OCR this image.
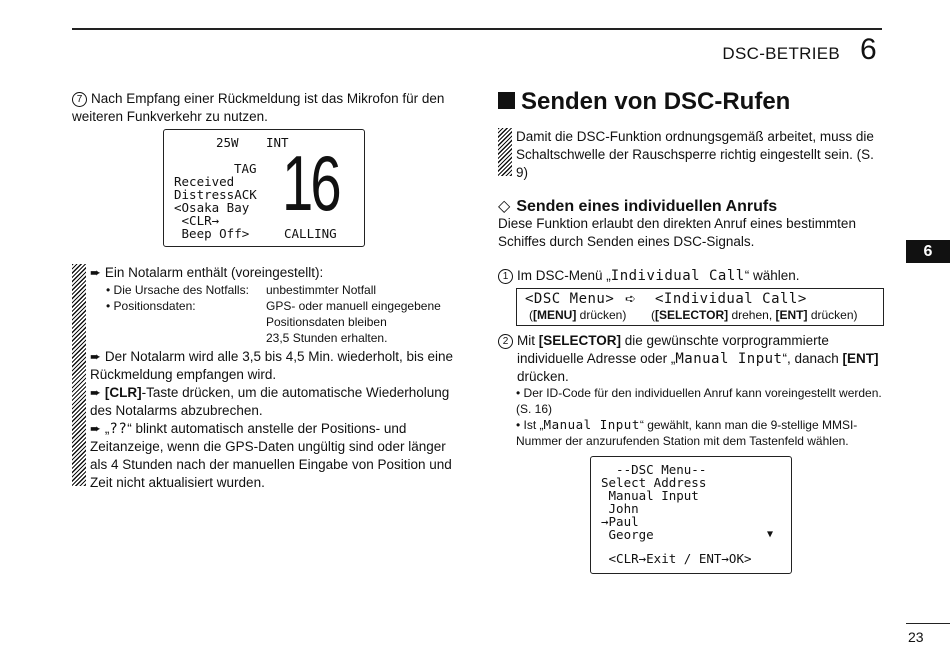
DSC-BETRIEB 6
6
7 Nach Empfang einer Rückmeldung ist das Mikrofon für den weiteren Funkverkehr zu nutzen.
25W INT
TAG
Received
DistressACK
<Osaka Bay
<CLR→
Beep Off>
16
CALLING
➨ Ein Notalarm enthält (voreingestellt):
• Die Ursache des Notfalls: unbestimmter Notfall
• Positionsdaten:	GPS- oder manuell eingegebene
Positionsdaten bleiben
23,5 Stunden erhalten.
➨ Der Notalarm wird alle 3,5 bis 4,5 Min. wiederholt, bis eine Rückmeldung empfangen wird.
➨ [CLR]-Taste drücken, um die automatische Wiederholung des Notalarms abzubrechen.
➨ „??“ blinkt automatisch anstelle der Positions- und Zeitanzeige, wenn die GPS-Daten ungültig sind oder länger als 4 Stunden nach der manuellen Eingabe von Position und Zeit nicht aktualisiert wurden.
Senden von DSC-Rufen
Damit die DSC-Funktion ordnungsgemäß arbeitet, muss die Schaltschwelle der Rauschsperre richtig eingestellt sein. (S. 9)
◇ Senden eines individuellen Anrufs
Diese Funktion erlaubt den direkten Anruf eines bestimmten Schiffes durch Senden eines DSC-Signals.
1 Im DSC-Menü „Individual Call“ wählen.
<DSC Menu> ➪ <Individual Call>
([MENU] drücken) ([SELECTOR] drehen, [ENT] drücken)
2 Mit [SELECTOR] die gewünschte vorprogrammierte individuelle Adresse oder „Manual Input“, danach [ENT] drücken.
• Der ID-Code für den individuellen Anruf kann voreingestellt werden. (S. 16)
• Ist „Manual Input“ gewählt, kann man die 9-stellige MMSI-Nummer der anzurufenden Station mit dem Tastenfeld wählen.
--DSC Menu--
Select Address
Manual Input
John
→Paul
George	▼
<CLR→Exit / ENT→OK>
23
